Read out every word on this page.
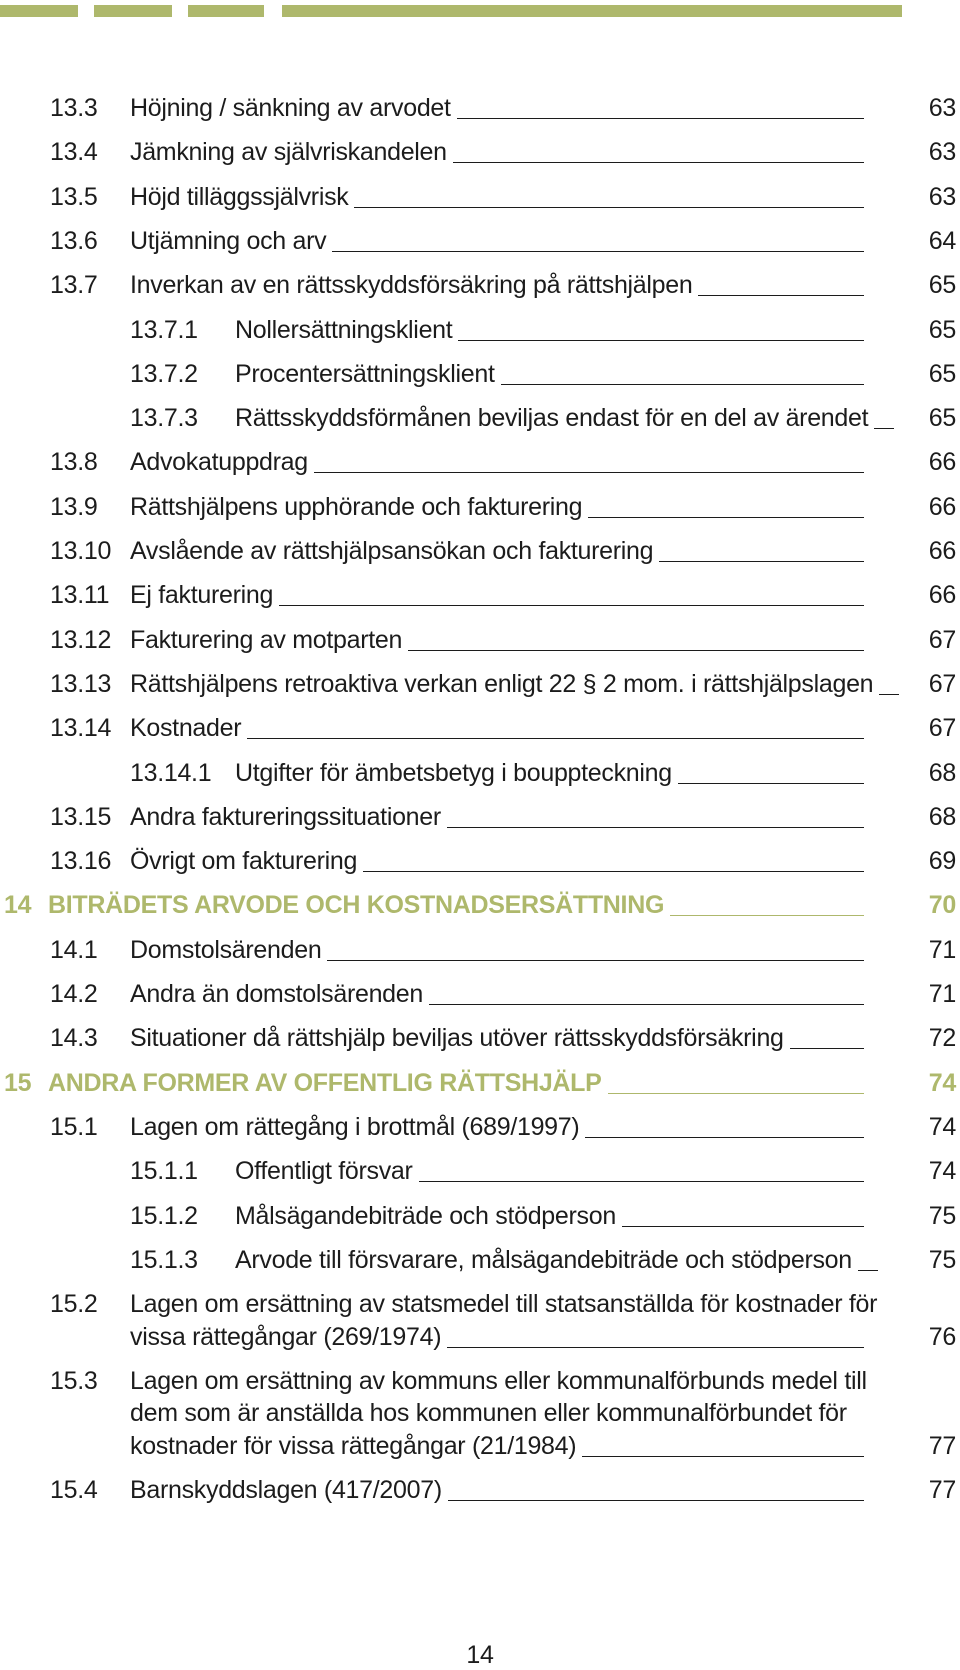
13.3 Höjning / sänkning av arvodet	63
13.4 Jämkning av självriskandelen	63
13.5 Höjd tilläggssjälvrisk	63
13.6 Utjämning och arv	64
13.7 Inverkan av en rättsskyddsförsäkring på rättshjälpen	65
13.7.1 Nollersättningsklient	65
13.7.2 Procentersättningsklient	65
13.7.3 Rättsskyddsförmånen beviljas endast för en del av ärendet 65
13.8 Advokatuppdrag	66
13.9 Rättshjälpens upphörande och fakturering	66
13.10 Avslående av rättshjälpsansökan och fakturering	66
13.11 Ej fakturering	66
13.12 Fakturering av motparten	67
13.13 Rättshjälpens retroaktiva verkan enligt 22 § 2 mom. i rättshjälpslagen 67
13.14 Kostnader	67
13.14.1 Utgifter för ämbetsbetyg i bouppteckning	68
13.15 Andra faktureringssituationer	68
13.16 Övrigt om fakturering	69
14 BITRÄDETS ARVODE OCH KOSTNADSERSÄTTNING	70
14.1 Domstolsärenden	71
14.2 Andra än domstolsärenden	71
14.3 Situationer då rättshjälp beviljas utöver rättsskyddsförsäkring	72
15 ANDRA FORMER AV OFFENTLIG RÄTTSHJÄLP	74
15.1 Lagen om rättegång i brottmål (689/1997)	74
15.1.1 Offentligt försvar	74
15.1.2 Målsägandebiträde och stödperson	75
15.1.3 Arvode till försvarare, målsägandebiträde och stödperson	75
15.2 Lagen om ersättning av statsmedel till statsanställda för kostnader för
vissa rättegångar (269/1974)	76
15.3 Lagen om ersättning av kommuns eller kommunalförbunds medel till
dem som är anställda hos kommunen eller kommunalförbundet för
kostnader för vissa rättegångar (21/1984)	77
15.4 Barnskyddslagen (417/2007)	77
14
